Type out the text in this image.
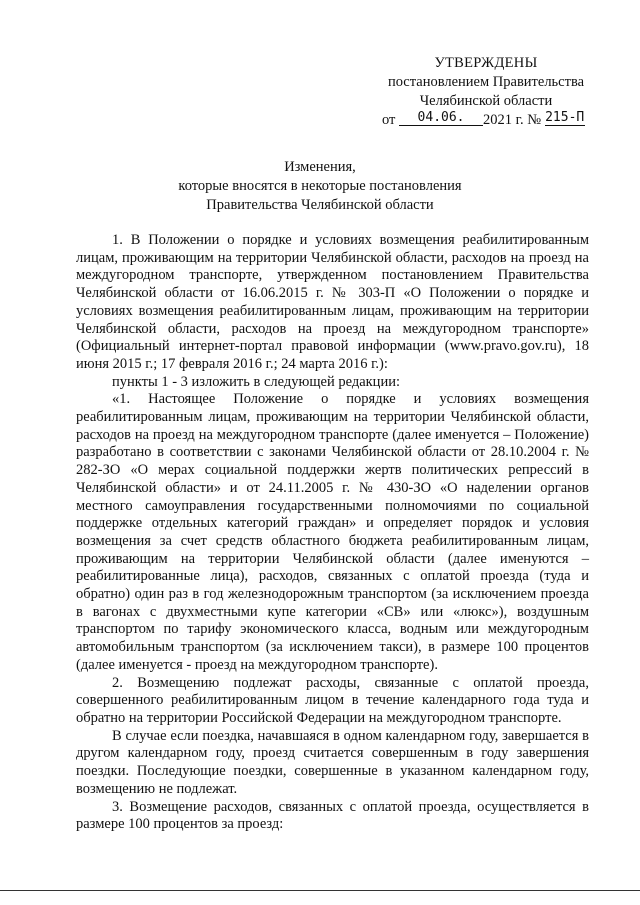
УТВЕРЖДЕНЫ
постановлением Правительства
Челябинской области
от 04.06. 2021 г. № 215-П
Изменения,
которые вносятся в некоторые постановления
Правительства Челябинской области

1. В Положении о порядке и условиях возмещения реабилитированным лицам, проживающим на территории Челябинской области, расходов на проезд на междугородном транспорте, утвержденном постановлением Правительства Челябинской области от 16.06.2015 г. № 303-П «О Положении о порядке и условиях возмещения реабилитированным лицам, проживающим на территории Челябинской области, расходов на проезд на междугородном транспорте» (Официальный интернет-портал правовой информации (www.pravo.gov.ru), 18 июня 2015 г.; 17 февраля 2016 г.; 24 марта 2016 г.):

пункты 1 - 3 изложить в следующей редакции:

«1. Настоящее Положение о порядке и условиях возмещения реабилитированным лицам, проживающим на территории Челябинской области, расходов на проезд на междугородном транспорте (далее именуется – Положение) разработано в соответствии с законами Челябинской области от 28.10.2004 г. № 282-ЗО «О мерах социальной поддержки жертв политических репрессий в Челябинской области» и от 24.11.2005 г. № 430-ЗО «О наделении органов местного самоуправления государственными полномочиями по социальной поддержке отдельных категорий граждан» и определяет порядок и условия возмещения за счет средств областного бюджета реабилитированным лицам, проживающим на территории Челябинской области (далее именуются – реабилитированные лица), расходов, связанных с оплатой проезда (туда и обратно) один раз в год железнодорожным транспортом (за исключением проезда в вагонах с двухместными купе категории «СВ» или «люкс»), воздушным транспортом по тарифу экономического класса, водным или междугородным автомобильным транспортом (за исключением такси), в размере 100 процентов (далее именуется - проезд на междугородном транспорте).

2. Возмещению подлежат расходы, связанные с оплатой проезда, совершенного реабилитированным лицом в течение календарного года туда и обратно на территории Российской Федерации на междугородном транспорте.

В случае если поездка, начавшаяся в одном календарном году, завершается в другом календарном году, проезд считается совершенным в году завершения поездки. Последующие поездки, совершенные в указанном календарном году, возмещению не подлежат.

3. Возмещение расходов, связанных с оплатой проезда, осуществляется в размере 100 процентов за проезд:
